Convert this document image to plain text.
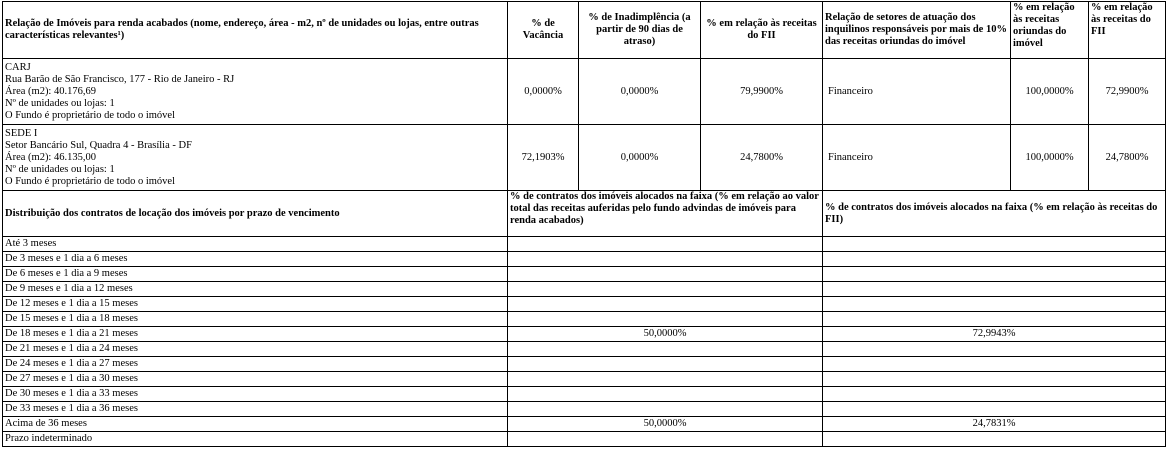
Relação de Imóveis para renda acabados (nome, endereço, área - m2, nº de unidades ou lojas, entre outras características relevantes¹)	% de Vacância	% de Inadimplência (a partir de 90 dias de atraso)	% em relação às receitas do FII	Relação de setores de atuação dos inquilinos responsáveis por mais de 10% das receitas oriundas do imóvel	% em relação às receitas oriundas do imóvel	% em relação às receitas do FII

CARJ
Rua Barão de São Francisco, 177 - Rio de Janeiro - RJ
Área (m2): 40.176,69
Nº de unidades ou lojas: 1
O Fundo é proprietário de todo o imóvel	0,0000%	0,0000%	79,9900%	Financeiro	100,0000%	72,9900%

SEDE I
Setor Bancário Sul, Quadra 4 - Brasília - DF
Área (m2): 46.135,00
Nº de unidades ou lojas: 1
O Fundo é proprietário de todo o imóvel	72,1903%	0,0000%	24,7800%	Financeiro	100,0000%	24,7800%
Distribuição dos contratos de locação dos imóveis por prazo de vencimento	% de contratos dos imóveis alocados na faixa (% em relação ao valor total das receitas auferidas pelo fundo advindas de imóveis para renda acabados)			% de contratos dos imóveis alocados na faixa (% em relação às receitas do FII)		
Até 3 meses						
De 3 meses e 1 dia a 6 meses						
De 6 meses e 1 dia a 9 meses						
De 9 meses e 1 dia a 12 meses						
De 12 meses e 1 dia a 15 meses						
De 15 meses e 1 dia a 18 meses						
De 18 meses e 1 dia a 21 meses	50,0000%			72,9943%		
De 21 meses e 1 dia a 24 meses						
De 24 meses e 1 dia a 27 meses						
De 27 meses e 1 dia a 30 meses						
De 30 meses e 1 dia a 33 meses						
De 33 meses e 1 dia a 36 meses						
Acima de 36 meses	50,0000%			24,7831%		
Prazo indeterminado						
